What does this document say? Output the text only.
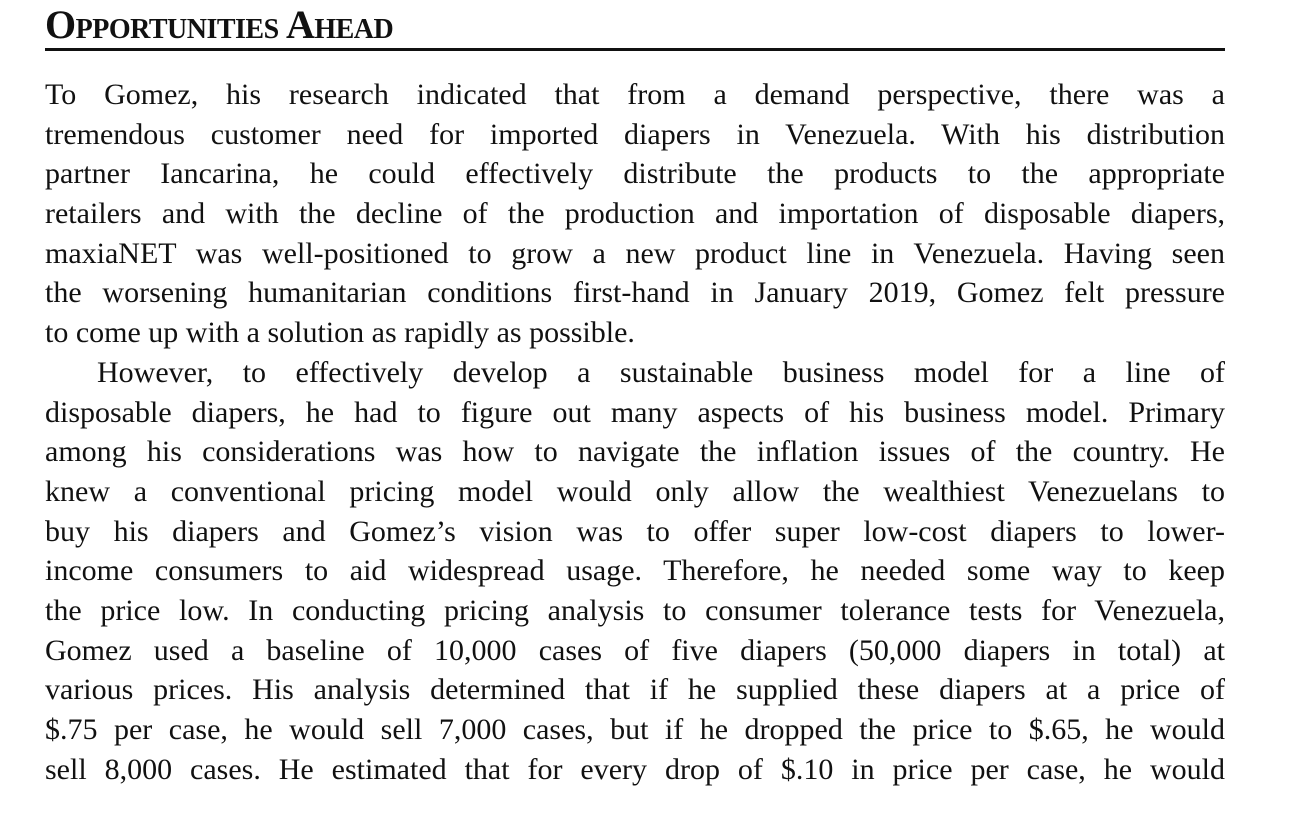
Opportunities Ahead

To Gomez, his research indicated that from a demand perspective, there was a
tremendous customer need for imported diapers in Venezuela. With his distribution
partner Iancarina, he could effectively distribute the products to the appropriate
retailers and with the decline of the production and importation of disposable diapers,
maxiaNET was well-positioned to grow a new product line in Venezuela. Having seen
the worsening humanitarian conditions first-hand in January 2019, Gomez felt pressure
to come up with a solution as rapidly as possible.

However, to effectively develop a sustainable business model for a line of
disposable diapers, he had to figure out many aspects of his business model. Primary
among his considerations was how to navigate the inflation issues of the country. He
knew a conventional pricing model would only allow the wealthiest Venezuelans to
buy his diapers and Gomez’s vision was to offer super low-cost diapers to lower-
income consumers to aid widespread usage. Therefore, he needed some way to keep
the price low. In conducting pricing analysis to consumer tolerance tests for Venezuela,
Gomez used a baseline of 10,000 cases of five diapers (50,000 diapers in total) at
various prices. His analysis determined that if he supplied these diapers at a price of
$.75 per case, he would sell 7,000 cases, but if he dropped the price to $.65, he would
sell 8,000 cases. He estimated that for every drop of $.10 in price per case, he would
